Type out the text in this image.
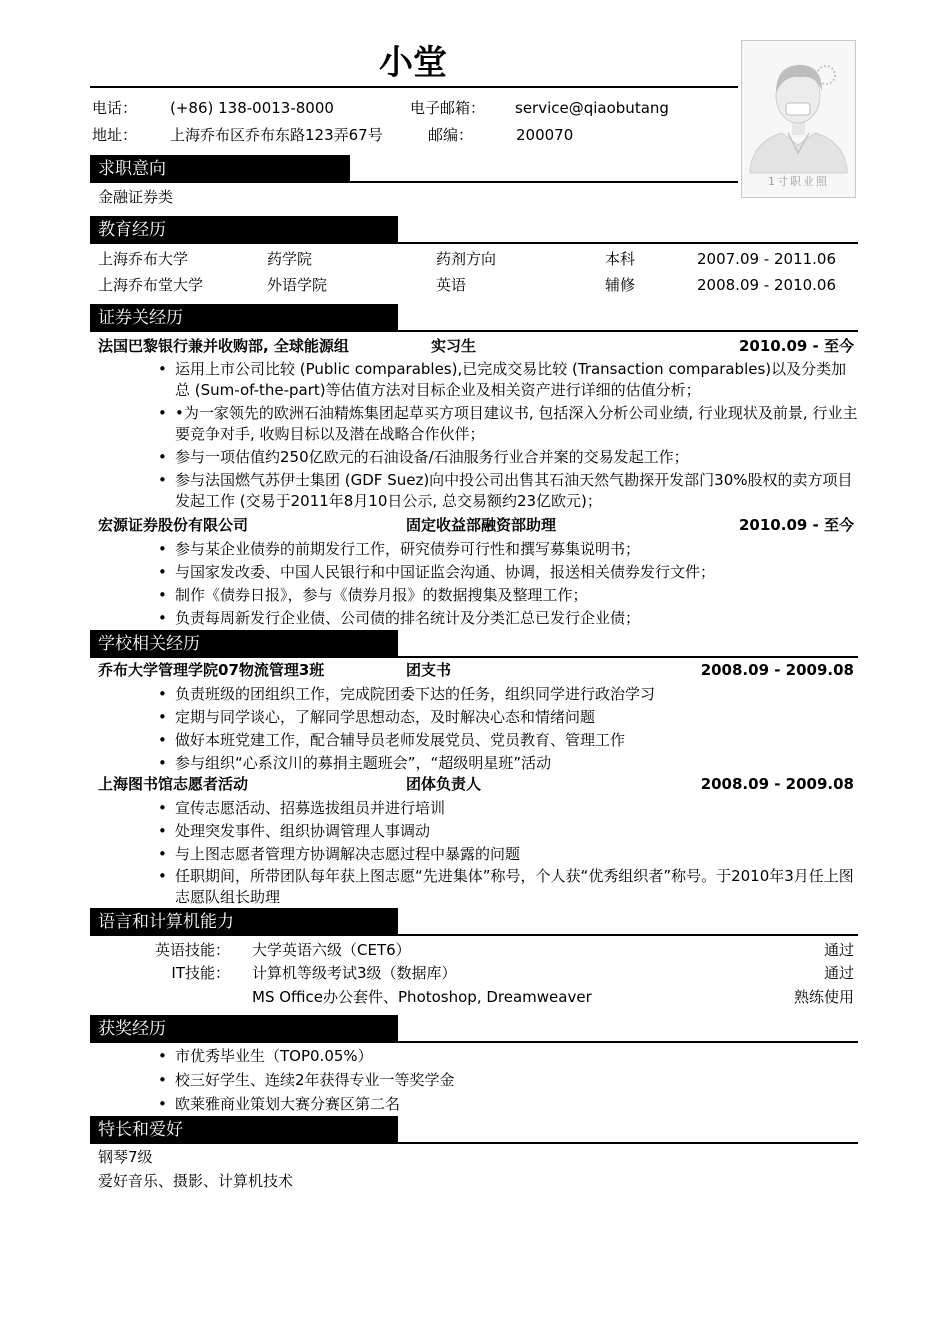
小堂
电话： (+86) 138-0013-8000	电子邮箱： service@qiaobutang
地址： 上海乔布区乔布东路123弄67号	邮编：	200070
1寸职业照
求职意向
金融证券类
教育经历
上海乔布大学	药学院	药剂方向	本科	2007.09 - 2011.06
上海乔布堂大学	外语学院	英语	辅修	2008.09 - 2010.06
证券关经历
法国巴黎银行兼并收购部, 全球能源组	实习生	2010.09 - 至今
• 运用上市公司比较 (Public comparables),已完成交易比较 (Transaction comparables)以及分类加总 (Sum-of-the-part)等估值方法对目标企业及相关资产进行详细的估值分析；
• •为一家领先的欧洲石油精炼集团起草买方项目建议书, 包括深入分析公司业绩, 行业现状及前景, 行业主要竞争对手, 收购目标以及潜在战略合作伙伴；
• 参与一项估值约250亿欧元的石油设备/石油服务行业合并案的交易发起工作；
• 参与法国燃气苏伊士集团 (GDF Suez)向中投公司出售其石油天然气勘探开发部门30%股权的卖方项目发起工作 (交易于2011年8月10日公示, 总交易额约23亿欧元)；
宏源证券股份有限公司	固定收益部融资部助理	2010.09 - 至今
• 参与某企业债券的前期发行工作，研究债券可行性和撰写募集说明书；
• 与国家发改委、中国人民银行和中国证监会沟通、协调，报送相关债券发行文件；
• 制作《债券日报》，参与《债券月报》的数据搜集及整理工作；
• 负责每周新发行企业债、公司债的排名统计及分类汇总已发行企业债；
学校相关经历
乔布大学管理学院07物流管理3班	团支书	2008.09 - 2009.08
• 负责班级的团组织工作，完成院团委下达的任务，组织同学进行政治学习
• 定期与同学谈心，了解同学思想动态，及时解决心态和情绪问题
• 做好本班党建工作，配合辅导员老师发展党员、党员教育、管理工作
• 参与组织“心系汶川的募捐主题班会”，“超级明星班”活动
上海图书馆志愿者活动	团体负责人	2008.09 - 2009.08
• 宣传志愿活动、招募选拔组员并进行培训
• 处理突发事件、组织协调管理人事调动
• 与上图志愿者管理方协调解决志愿过程中暴露的问题
• 任职期间，所带团队每年获上图志愿“先进集体”称号，个人获“优秀组织者”称号。于2010年3月任上图志愿队组长助理
语言和计算机能力
英语技能： 大学英语六级（CET6）	通过
IT技能： 计算机等级考试3级（数据库）	通过
MS Office办公套件、Photoshop, Dreamweaver	熟练使用
获奖经历
• 市优秀毕业生（TOP0.05%）
• 校三好学生、连续2年获得专业一等奖学金
• 欧莱雅商业策划大赛分赛区第二名
特长和爱好
钢琴7级
爱好音乐、摄影、计算机技术
